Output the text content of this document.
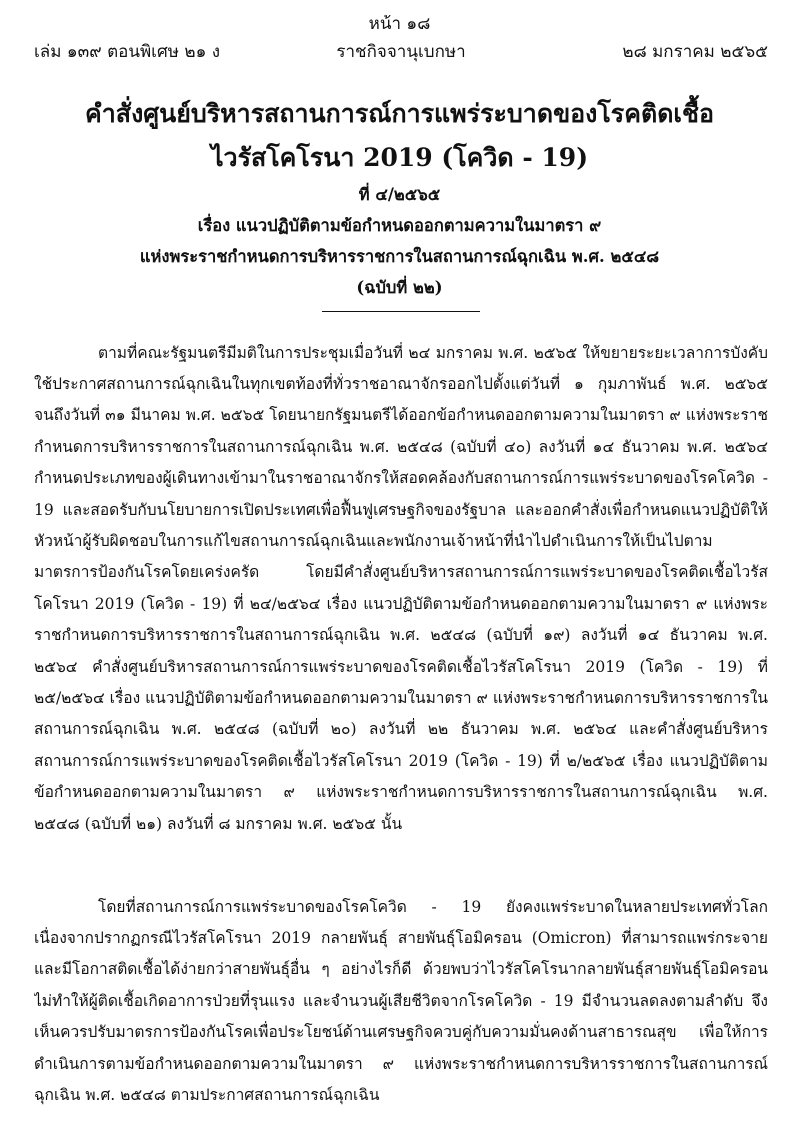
หน้า ๑๘
ราชกิจจานุเบกษา
เล่ม ๑๓๙ ตอนพิเศษ ๒๑ ง	๒๘ มกราคม ๒๕๖๕
คำสั่งศูนย์บริหารสถานการณ์การแพร่ระบาดของโรคติดเชื้อ
ไวรัสโคโรนา 2019 (โควิด - 19)
ที่ ๔/๒๕๖๕
เรื่อง แนวปฏิบัติตามข้อกำหนดออกตามความในมาตรา ๙
แห่งพระราชกำหนดการบริหารราชการในสถานการณ์ฉุกเฉิน พ.ศ. ๒๕๔๘
(ฉบับที่ ๒๒)

ตามที่คณะรัฐมนตรีมีมติในการประชุมเมื่อวันที่ ๒๔ มกราคม พ.ศ. ๒๕๖๕ ให้ขยายระยะเวลาการบังคับใช้ประกาศสถานการณ์ฉุกเฉินในทุกเขตท้องที่ทั่วราชอาณาจักรออกไปตั้งแต่วันที่ ๑ กุมภาพันธ์ พ.ศ. ๒๕๖๕ จนถึงวันที่ ๓๑ มีนาคม พ.ศ. ๒๕๖๕ โดยนายกรัฐมนตรีได้ออกข้อกำหนดออกตามความในมาตรา ๙ แห่งพระราชกำหนดการบริหารราชการในสถานการณ์ฉุกเฉิน พ.ศ. ๒๕๔๘ (ฉบับที่ ๔๐) ลงวันที่ ๑๔ ธันวาคม พ.ศ. ๒๕๖๔ กำหนดประเภทของผู้เดินทางเข้ามาในราชอาณาจักรให้สอดคล้องกับสถานการณ์การแพร่ระบาดของโรคโควิด - 19 และสอดรับกับนโยบายการเปิดประเทศเพื่อฟื้นฟูเศรษฐกิจของรัฐบาล และออกคำสั่งเพื่อกำหนดแนวปฏิบัติให้หัวหน้าผู้รับผิดชอบในการแก้ไขสถานการณ์ฉุกเฉินและพนักงานเจ้าหน้าที่นำไปดำเนินการให้เป็นไปตามมาตรการป้องกันโรคโดยเคร่งครัด โดยมีคำสั่งศูนย์บริหารสถานการณ์การแพร่ระบาดของโรคติดเชื้อไวรัสโคโรนา 2019 (โควิด - 19) ที่ ๒๔/๒๕๖๔ เรื่อง แนวปฏิบัติตามข้อกำหนดออกตามความในมาตรา ๙ แห่งพระราชกำหนดการบริหารราชการในสถานการณ์ฉุกเฉิน พ.ศ. ๒๕๔๘ (ฉบับที่ ๑๙) ลงวันที่ ๑๔ ธันวาคม พ.ศ. ๒๕๖๔ คำสั่งศูนย์บริหารสถานการณ์การแพร่ระบาดของโรคติดเชื้อไวรัสโคโรนา 2019 (โควิด - 19) ที่ ๒๕/๒๕๖๔ เรื่อง แนวปฏิบัติตามข้อกำหนดออกตามความในมาตรา ๙ แห่งพระราชกำหนดการบริหารราชการในสถานการณ์ฉุกเฉิน พ.ศ. ๒๕๔๘ (ฉบับที่ ๒๐) ลงวันที่ ๒๒ ธันวาคม พ.ศ. ๒๕๖๔ และคำสั่งศูนย์บริหารสถานการณ์การแพร่ระบาดของโรคติดเชื้อไวรัสโคโรนา 2019 (โควิด - 19) ที่ ๒/๒๕๖๕ เรื่อง แนวปฏิบัติตามข้อกำหนดออกตามความในมาตรา ๙ แห่งพระราชกำหนดการบริหารราชการในสถานการณ์ฉุกเฉิน พ.ศ. ๒๕๔๘ (ฉบับที่ ๒๑) ลงวันที่ ๘ มกราคม พ.ศ. ๒๕๖๕ นั้น

โดยที่สถานการณ์การแพร่ระบาดของโรคโควิด - 19 ยังคงแพร่ระบาดในหลายประเทศทั่วโลก เนื่องจากปรากฏกรณีไวรัสโคโรนา 2019 กลายพันธุ์ สายพันธุ์โอมิครอน (Omicron) ที่สามารถแพร่กระจายและมีโอกาสติดเชื้อได้ง่ายกว่าสายพันธุ์อื่น ๆ อย่างไรก็ดี ด้วยพบว่าไวรัสโคโรนากลายพันธุ์สายพันธุ์โอมิครอน ไม่ทำให้ผู้ติดเชื้อเกิดอาการป่วยที่รุนแรง และจำนวนผู้เสียชีวิตจากโรคโควิด - 19 มีจำนวนลดลงตามลำดับ จึงเห็นควรปรับมาตรการป้องกันโรคเพื่อประโยชน์ด้านเศรษฐกิจควบคู่กับความมั่นคงด้านสาธารณสุข เพื่อให้การดำเนินการตามข้อกำหนดออกตามความในมาตรา ๙ แห่งพระราชกำหนดการบริหารราชการในสถานการณ์ฉุกเฉิน พ.ศ. ๒๕๔๘ ตามประกาศสถานการณ์ฉุกเฉิน
